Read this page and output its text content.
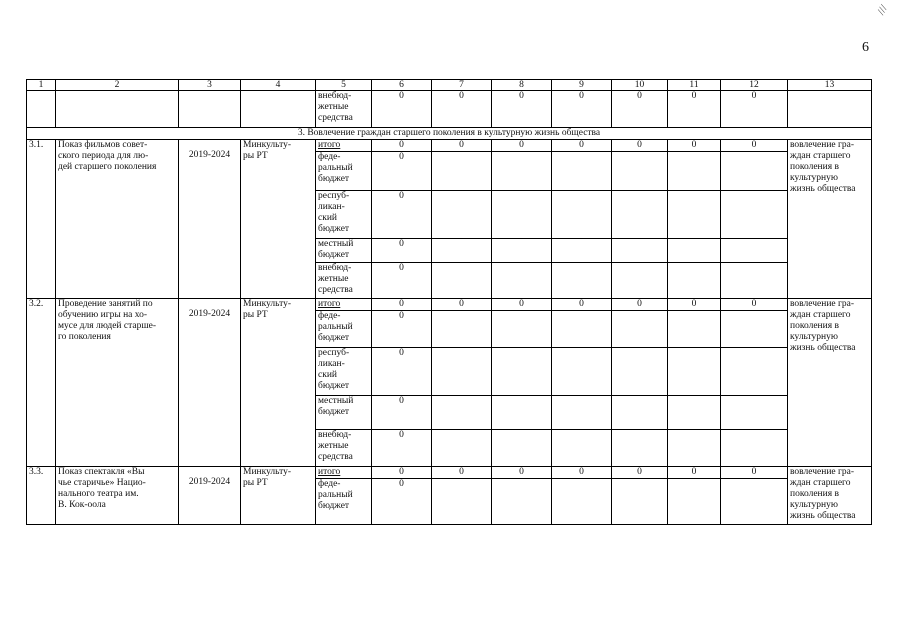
///
6
1	2	3	4	5	6	7	8	9	10	11	12	13
				внебюд-
жетные
средства	0	0	0	0	0	0	0	
3. Вовлечение граждан старшего поколения в культурную жизнь общества												
3.1.	Показ фильмов совет-
ского периода для лю-
дей старшего поколения	2019-2024	Минкульту-
ры РТ	итого	0	0	0	0	0	0	0	вовлечение гра-
ждан старшего
поколения в
культурную
жизнь общества
				феде-
ральный
бюджет	0							
				респуб-
ликан-
ский
бюджет	0							
				местный
бюджет	0							
				внебюд-
жетные
средства	0							
3.2.	Проведение занятий по
обучению игры на хо-
мусе для людей старше-
го поколения	2019-2024	Минкульту-
ры РТ	итого	0	0	0	0	0	0	0	вовлечение гра-
ждан старшего
поколения в
культурную
жизнь общества
				феде-
ральный
бюджет	0							
				респуб-
ликан-
ский
бюджет	0							
				местный
бюджет	0							
				внебюд-
жетные
средства	0							
3.3.	Показ спектакля «Вы
чье старичье» Нацио-
нального театра им.
В. Кок-оола	2019-2024	Минкульту-
ры РТ	итого	0	0	0	0	0	0	0	вовлечение гра-
ждан старшего
поколения в
культурную
жизнь общества
				феде-
ральный
бюджет	0							
